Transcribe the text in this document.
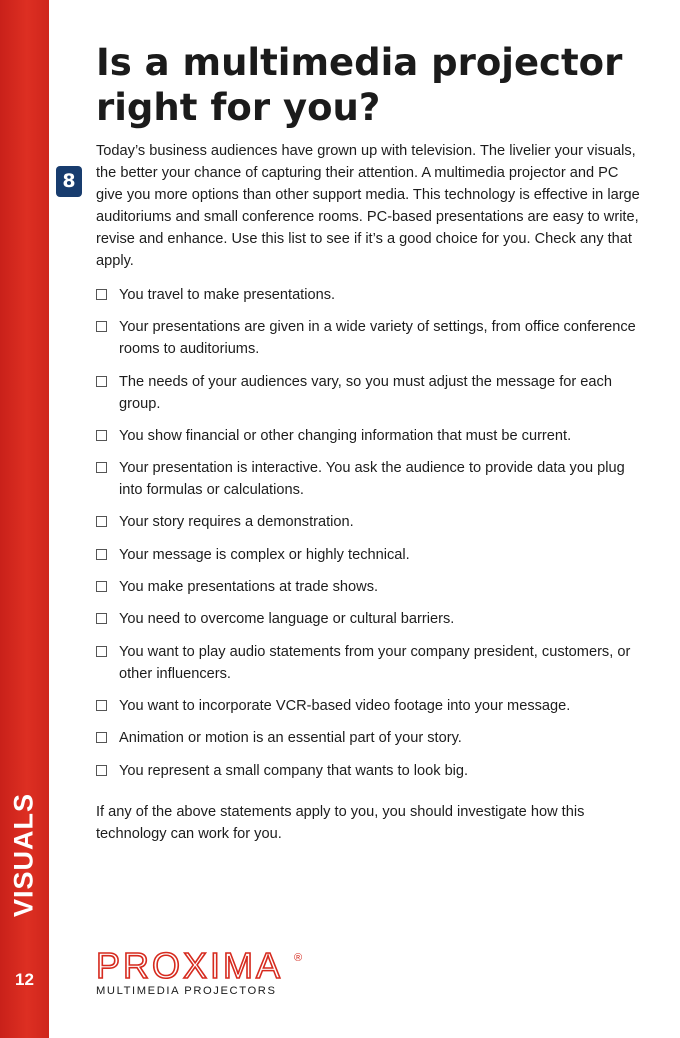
VISUALS
12
Is a multimedia projector right for you?
8

Today’s business audiences have grown up with television. The livelier your visuals, the better your chance of capturing their attention. A multimedia projector and PC give you more options than other support media. This technology is effective in large auditoriums and small conference rooms. PC-based presentations are easy to write, revise and enhance. Use this list to see if it’s a good choice for you. Check any that apply.

You travel to make presentations.
Your presentations are given in a wide variety of settings, from office conference rooms to auditoriums.
The needs of your audiences vary, so you must adjust the message for each group.
You show financial or other changing information that must be current.
Your presentation is interactive. You ask the audience to provide data you plug into formulas or calculations.
Your story requires a demonstration.
Your message is complex or highly technical.
You make presentations at trade shows.
You need to overcome language or cultural barriers.
You want to play audio statements from your company president, customers, or other influencers.
You want to incorporate VCR-based video footage into your message.
Animation or motion is an essential part of your story.
You represent a small company that wants to look big.

If any of the above statements apply to you, you should investigate how this technology can work for you.

PROXIMA ®
MULTIMEDIA PROJECTORS
